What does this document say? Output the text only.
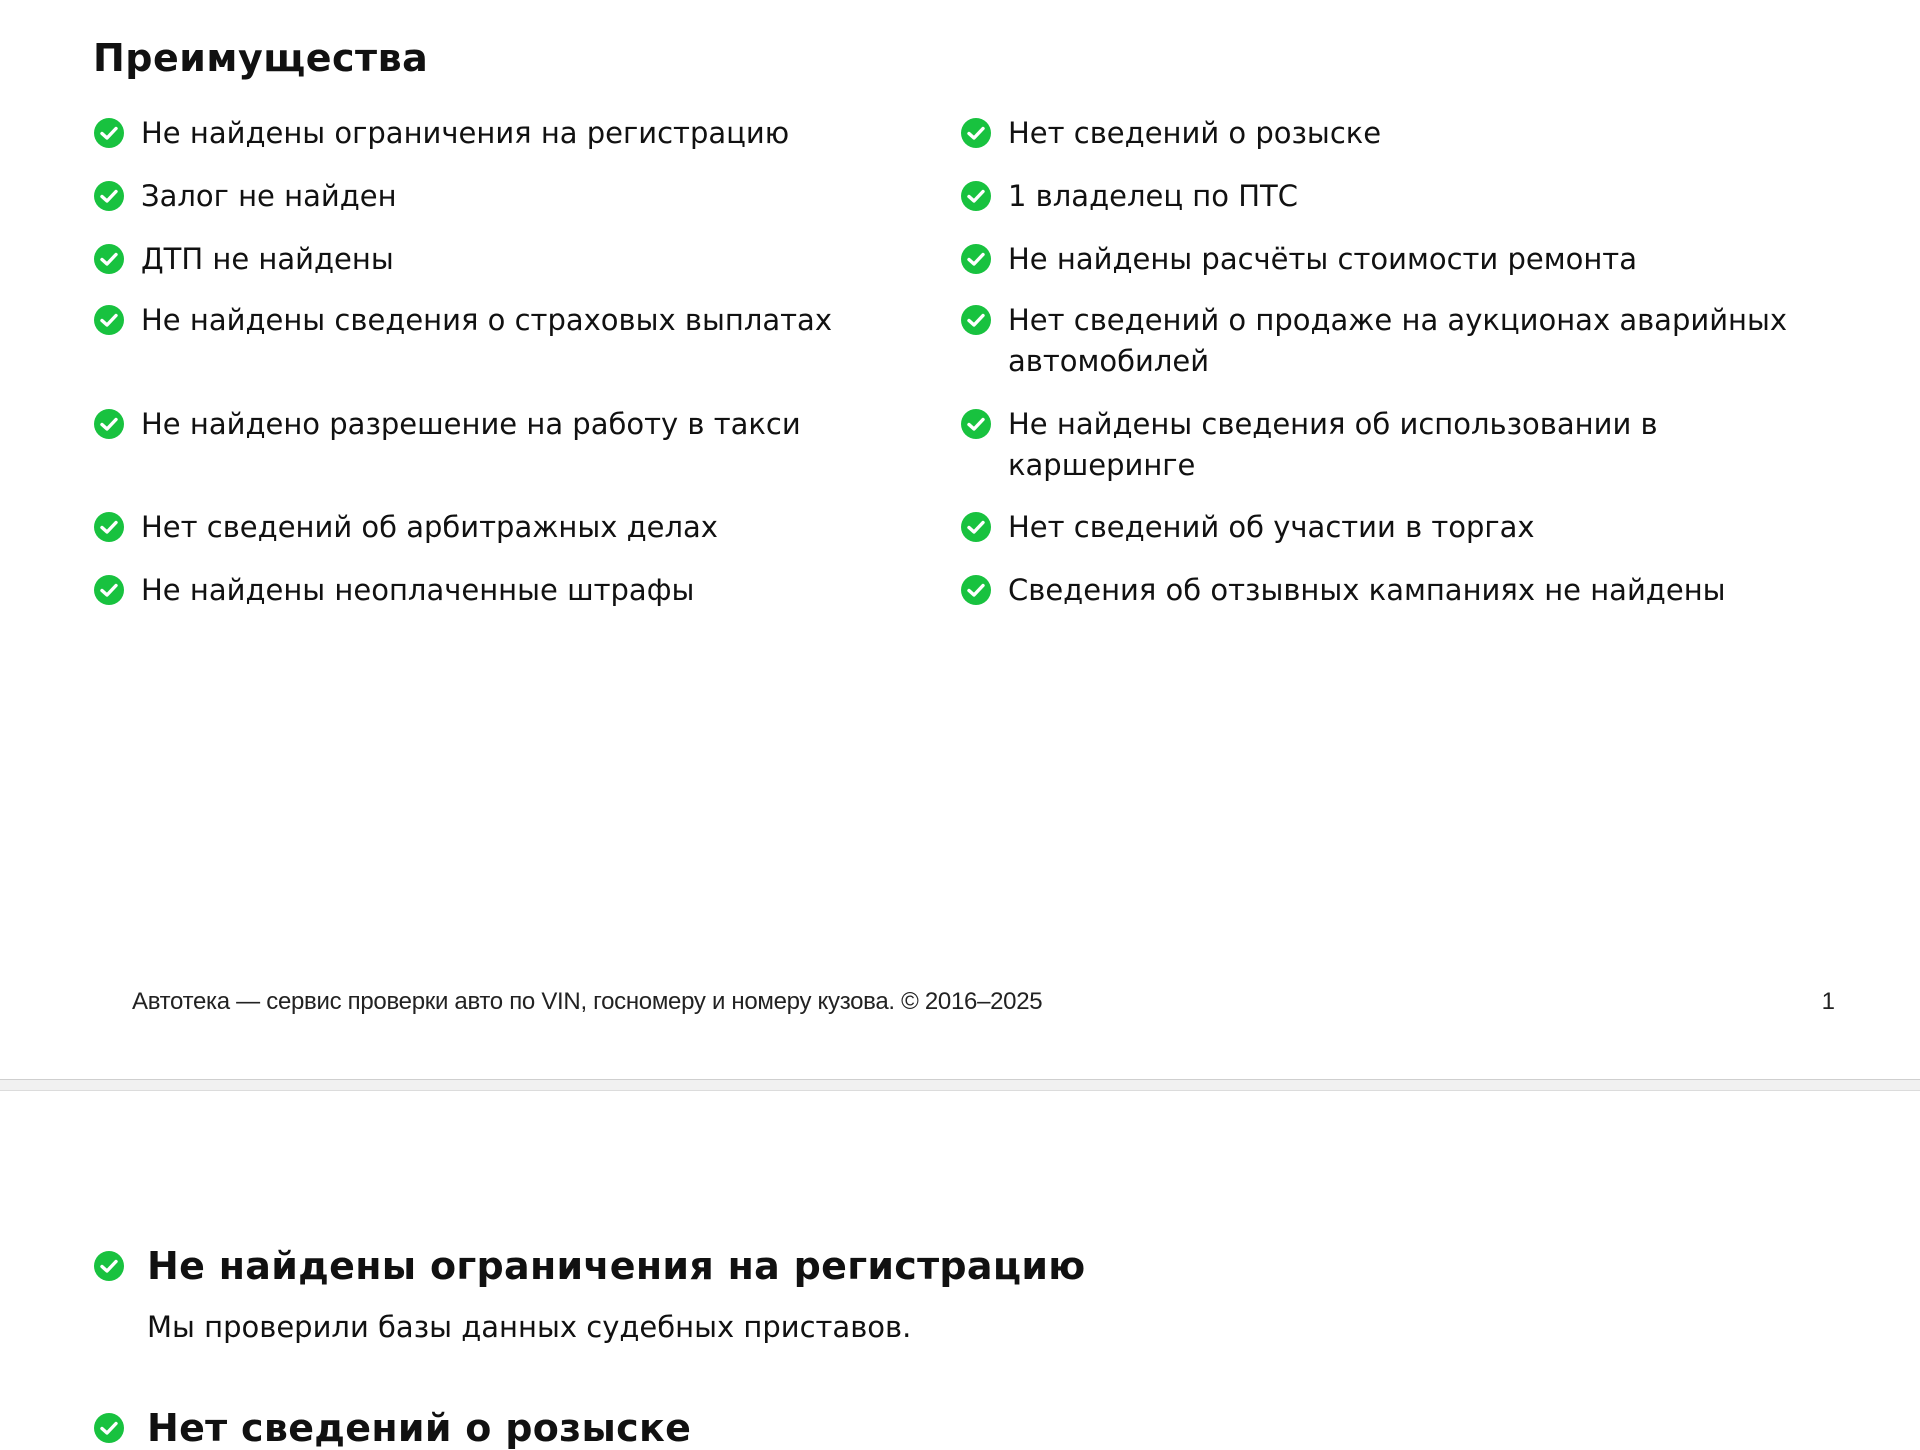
Преимущества
Не найдены ограничения на регистрацию
Залог не найден
ДТП не найдены
Не найдены сведения о страховых выплатах
Не найдено разрешение на работу в такси
Нет сведений об арбитражных делах
Не найдены неоплаченные штрафы
Нет сведений о розыске
1 владелец по ПТС
Не найдены расчёты стоимости ремонта
Нет сведений о продаже на аукционах аварийных автомобилей
Не найдены сведения об использовании в каршеринге
Нет сведений об участии в торгах
Сведения об отзывных кампаниях не найдены
Автотека — сервис проверки авто по VIN, госномеру и номеру кузова. © 2016–2025	1
Не найдены ограничения на регистрацию
Мы проверили базы данных судебных приставов.
Нет сведений о розыске
